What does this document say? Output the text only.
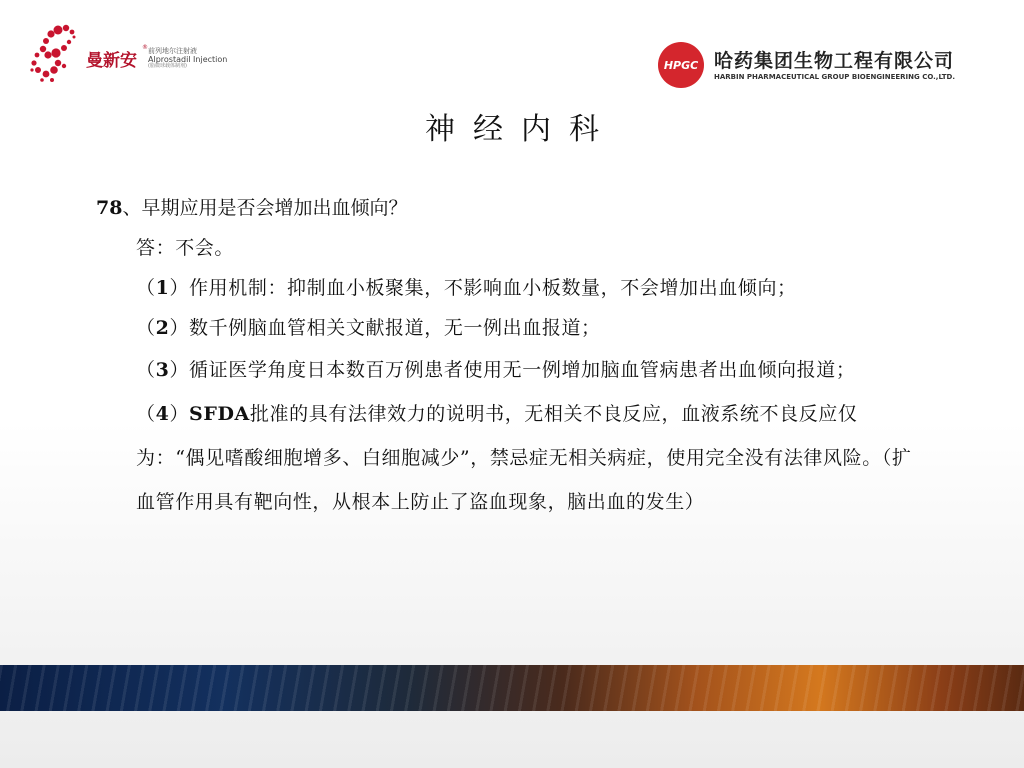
曼新安
® 前列地尔注射液
Alprostadil Injection
(脂微球载体制剂)	HPGC 哈药集团生物工程有限公司
HARBIN PHARMACEUTICAL GROUP BIOENGINEERING CO.,LTD.
神经内科
78、早期应用是否会增加出血倾向？
答：不会。
（1）作用机制：抑制血小板聚集，不影响血小板数量，不会增加出血倾向；
（2）数千例脑血管相关文献报道，无一例出血报道；
（3）循证医学角度日本数百万例患者使用无一例增加脑血管病患者出血倾向报道；
（4）SFDA批准的具有法律效力的说明书，无相关不良反应，血液系统不良反应仅为：“偶见嗜酸细胞增多、白细胞减少”，禁忌症无相关病症，使用完全没有法律风险。（扩血管作用具有靶向性，从根本上防止了盗血现象，脑出血的发生）
